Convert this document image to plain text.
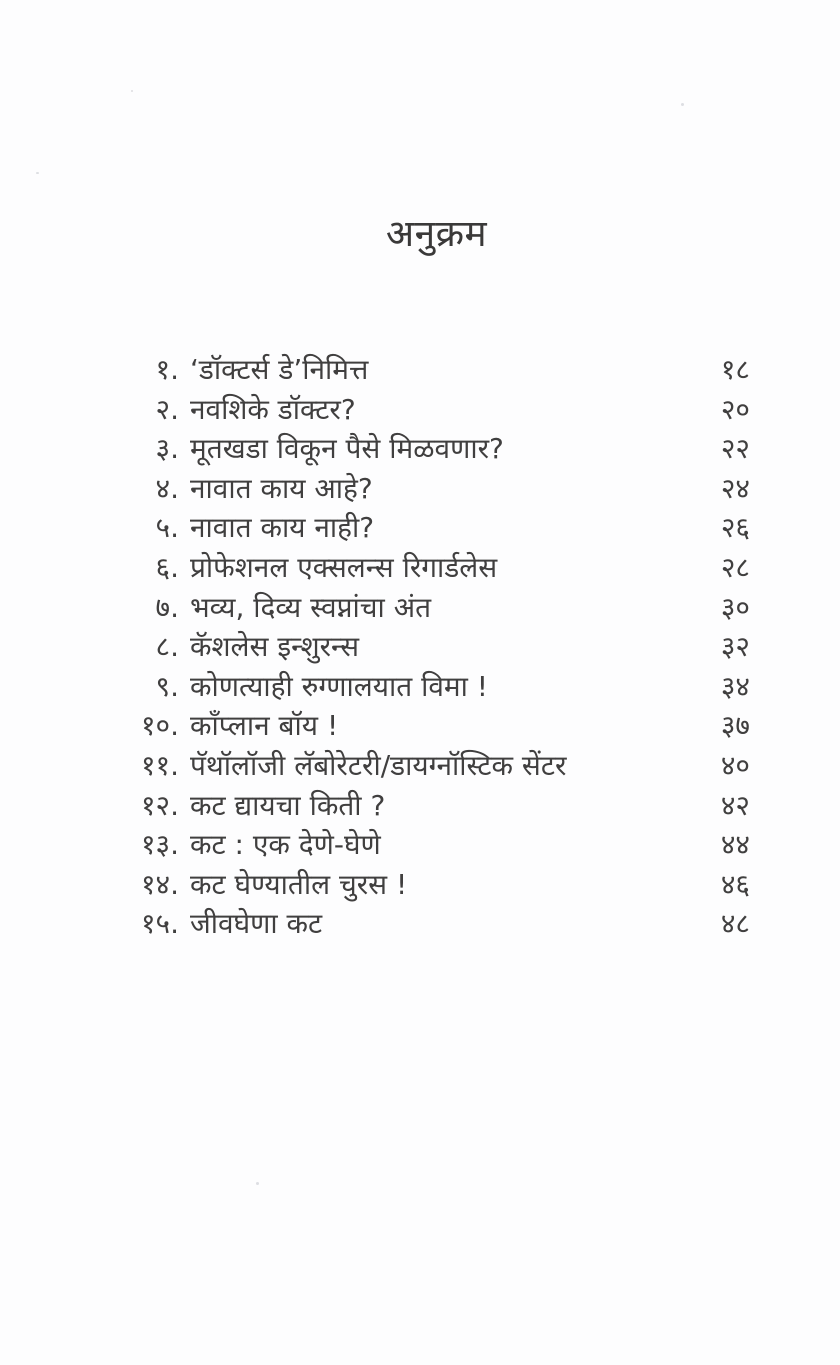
अनुक्रम
१. ‘डॉक्टर्स डे’निमित्त	१८
२. नवशिके डॉक्टर?	२०
३. मूतखडा विकून पैसे मिळवणार?	२२
४. नावात काय आहे?	२४
५. नावात काय नाही?	२६
६. प्रोफेशनल एक्सलन्स रिगार्डलेस	२८
७. भव्य, दिव्य स्वप्नांचा अंत	३०
८. कॅशलेस इन्शुरन्स	३२
९. कोणत्याही रुग्णालयात विमा !	३४
१०. काँप्लान बॉय !	३७
११. पॅथॉलॉजी लॅबोरेटरी/डायग्नॉस्टिक सेंटर	४०
१२. कट द्यायचा किती ?	४२
१३. कट : एक देणे-घेणे	४४
१४. कट घेण्यातील चुरस !	४६
१५. जीवघेणा कट	४८
